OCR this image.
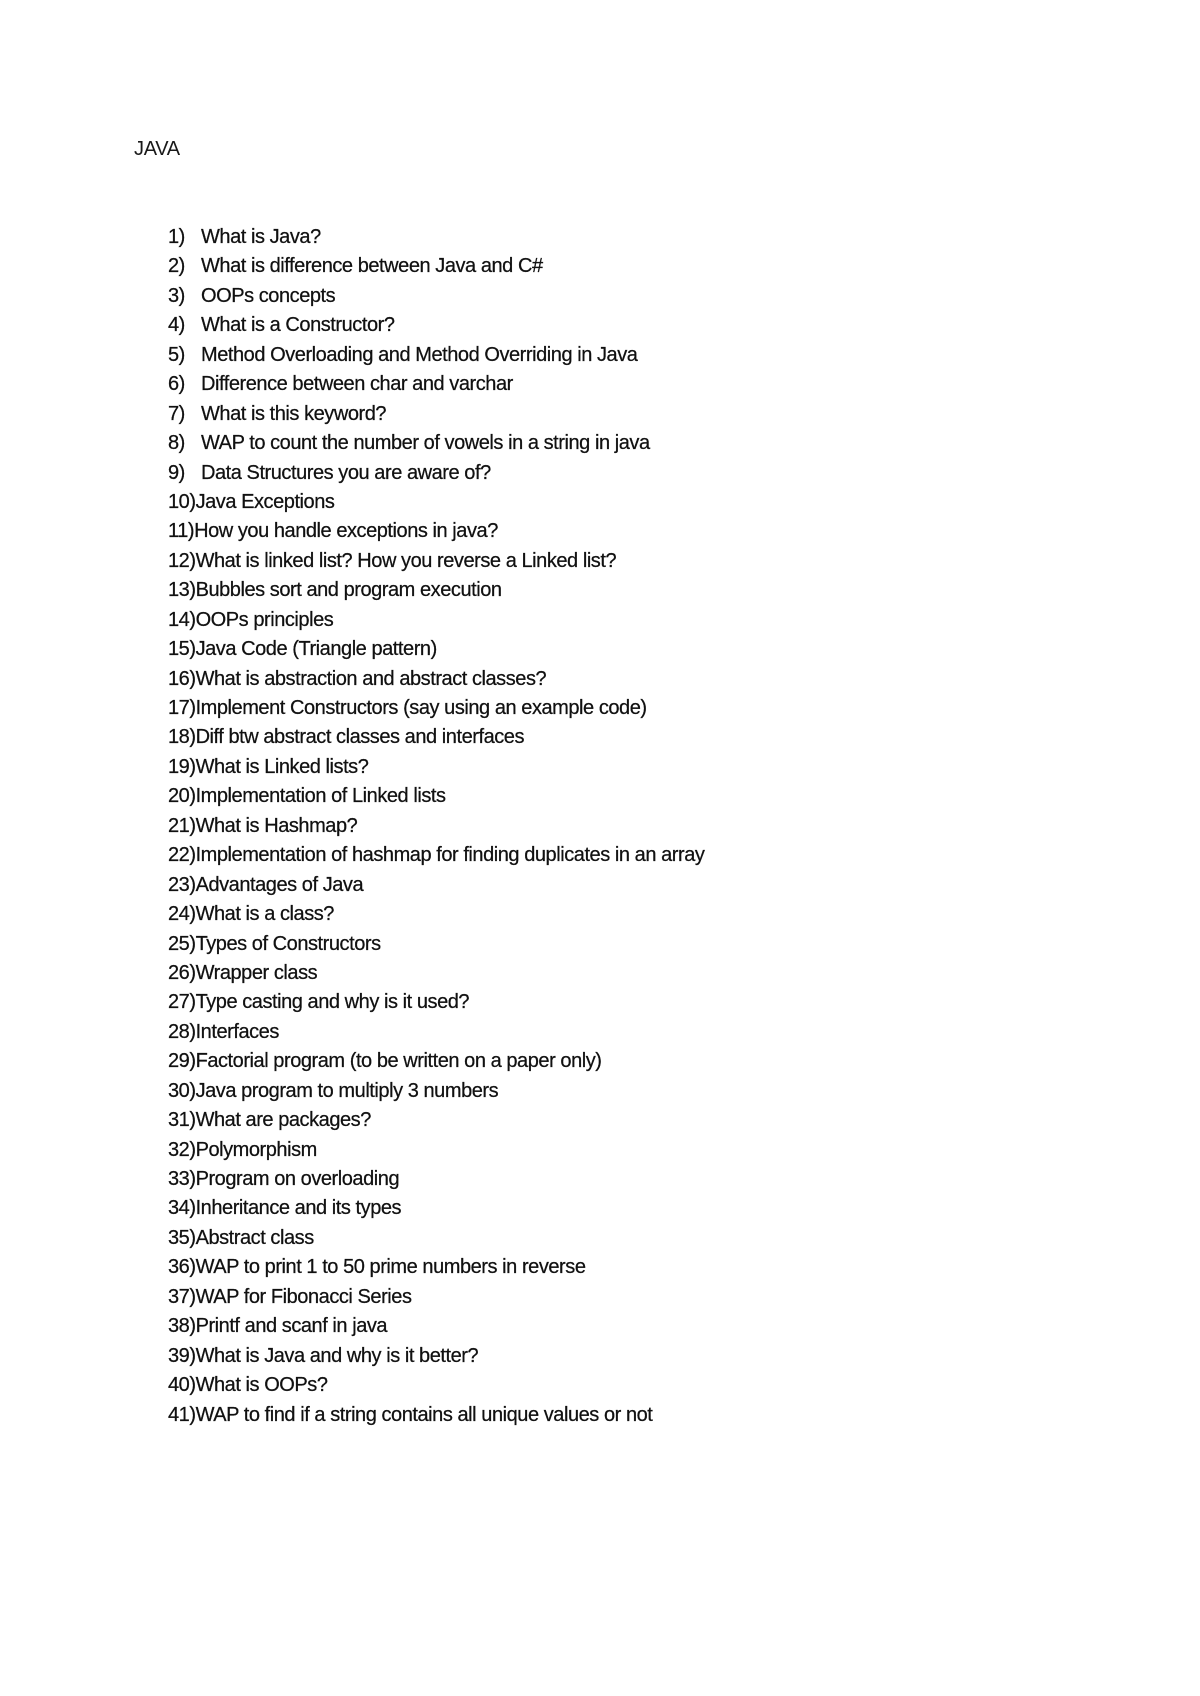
JAVA
1) What is Java?
2) What is difference between Java and C#
3) OOPs concepts
4) What is a Constructor?
5) Method Overloading and Method Overriding in Java
6) Difference between char and varchar
7) What is this keyword?
8) WAP to count the number of vowels in a string in java
9) Data Structures you are aware of?
10) Java Exceptions
11) How you handle exceptions in java?
12) What is linked list? How you reverse a Linked list?
13) Bubbles sort and program execution
14) OOPs principles
15) Java Code (Triangle pattern)
16) What is abstraction and abstract classes?
17) Implement Constructors (say using an example code)
18) Diff btw abstract classes and interfaces
19) What is Linked lists?
20) Implementation of Linked lists
21) What is Hashmap?
22) Implementation of hashmap for finding duplicates in an array
23) Advantages of Java
24) What is a class?
25) Types of Constructors
26) Wrapper class
27) Type casting and why is it used?
28) Interfaces
29) Factorial program (to be written on a paper only)
30) Java program to multiply 3 numbers
31) What are packages?
32) Polymorphism
33) Program on overloading
34) Inheritance and its types
35) Abstract class
36) WAP to print 1 to 50 prime numbers in reverse
37) WAP for Fibonacci Series
38) Printf and scanf in java
39) What is Java and why is it better?
40) What is OOPs?
41) WAP to find if a string contains all unique values or not
